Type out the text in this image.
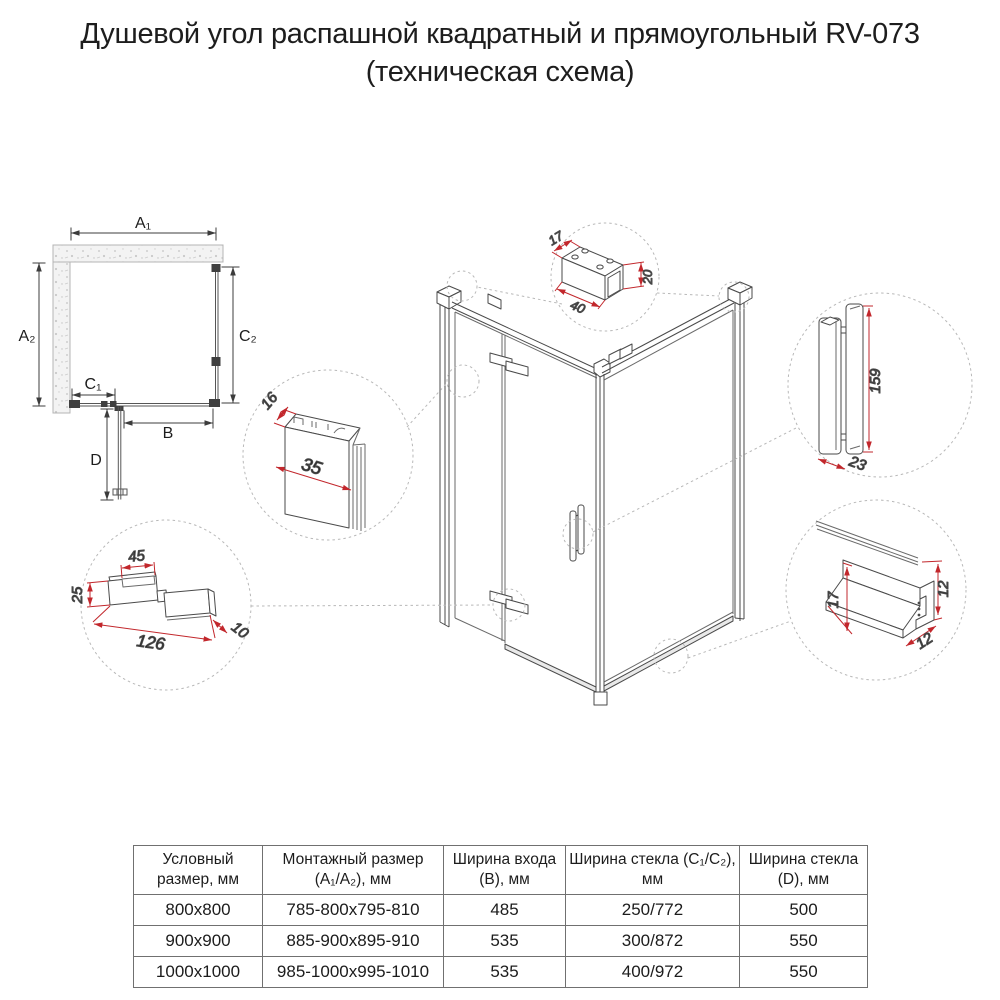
Душевой угол распашной квадратный и прямоугольный RV-073
(техническая схема)
A₁
A₂	C₂
C₁
B
D
17
20
40
16
35
159
23
45
25
126
10
17
12
12
Условный размер, мм	Монтажный размер (A₁/A₂), мм	Ширина входа (B), мм	Ширина стекла (C₁/C₂), мм	Ширина стекла (D), мм
800x800	785-800x795-810	485	250/772	500
900x900	885-900x895-910	535	300/872	550
1000x1000	985-1000x995-1010	535	400/972	550
